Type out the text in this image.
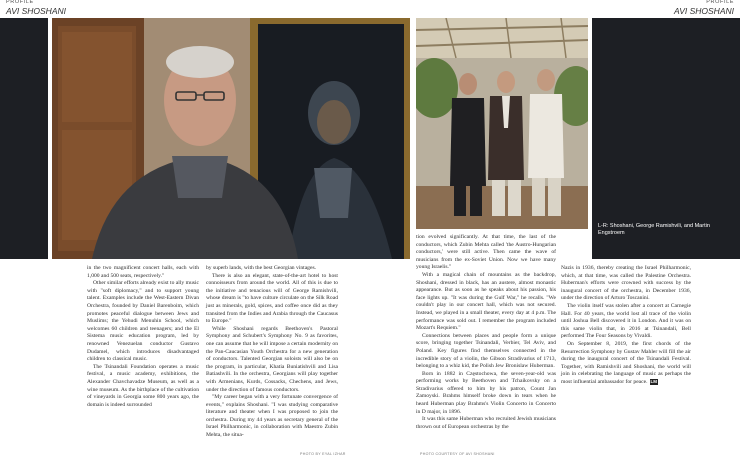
PROFILE
AVI SHOSHANI
PROFILE
AVI SHOSHANI
L-R: Shoshani, George Ramishvili, and Martin Engstroem

in the two magnificent concert halls, each with 1,000 and 500 seats, respectively."

Other similar efforts already exist to ally music with "soft diplomacy," and to support young talent. Examples include the West-Eastern Divan Orchestra, founded by Daniel Barenboim, which promotes peaceful dialogue between Jews and Muslims; the Yehudi Menuhin School, which welcomes 60 children and teenagers; and the El Sistema music education program, led by renowned Venezuelan conductor Gustavo Dudamel, which introduces disadvantaged children to classical music.

The Tsinandali Foundation operates a music festival, a music academy, exhibitions, the Alexander Chavchavadze Museum, as well as a wine museum. As the birthplace of the cultivation of vineyards in Georgia some 800 years ago, the domain is indeed surrounded

by superb lands, with the best Georgian vintages.

There is also an elegant, state-of-the-art hotel to host connoisseurs from around the world. All of this is due to the initiative and tenacious will of George Ramishvili, whose dream is "to have culture circulate on the Silk Road just as minerals, gold, spices, and coffee once did as they transited from the Indies and Arabia through the Caucasus to Europe."

While Shoshani regards Beethoven's Pastoral Symphony and Schubert's Symphony No. 9 as favorites, one can assume that he will impose a certain modernity on the Pan-Caucasian Youth Orchestra for a new generation of conductors. Talented Georgian soloists will also be on the program, in particular, Khatia Buniatishvili and Lisa Batiashvili. In the orchestra, Georgians will play together with Armenians, Kurds, Cossacks, Chechens, and Jews, under the direction of famous conductors.

"My career began with a very fortunate convergence of events," explains Shoshani. "I was studying comparative literature and theater when I was proposed to join the orchestra. During my 44 years as secretary general of the Israel Philharmonic, in collaboration with Maestro Zubin Mehta, the situa-

tion evolved significantly. At that time, the last of the conductors, which Zubin Mehta called 'the Austro-Hungarian conductors,' were still active. Then came the wave of musicians from the ex-Soviet Union. Now we have many young Israelis."

With a magical chain of mountains as the backdrop, Shoshani, dressed in black, has an austere, almost monastic appearance. But as soon as he speaks about his passion, his face lights up. "It was during the Gulf War," he recalls. "We couldn't play in our concert hall, which was not secured. Instead, we played in a small theater, every day at 4 p.m. The performance was sold out. I remember the program included Mozart's Requiem."

Connections between places and people form a unique score, bringing together Tsinandali, Verbier, Tel Aviv, and Poland. Key figures find themselves connected in the incredible story of a violin, the Gibson Stradivarius of 1713, belonging to a whiz kid, the Polish Jew Bronislaw Huberman.

Born in 1882 in Częstochowa, the seven-year-old was performing works by Beethoven and Tchaikovsky on a Stradivarius offered to him by his patron, Count Jan Zamoyski. Brahms himself broke down in tears when he heard Huberman play Brahms's Violin Concerto in Concerto in D major, in 1896.

It was this same Huberman who recruited Jewish musicians thrown out of European orchestras by the

Nazis in 1936, thereby creating the Israel Philharmonic, which, at that time, was called the Palestine Orchestra. Huberman's efforts were crowned with success by the inaugural concert of the orchestra, in December 1936, under the direction of Arturo Toscanini.

The violin itself was stolen after a concert at Carnegie Hall. For 40 years, the world lost all trace of the violin until Joshua Bell discovered it in London. And it was on this same violin that, in 2016 at Tsinandali, Bell performed The Four Seasons by Vivaldi.

On September 8, 2019, the first chords of the Resurrection Symphony by Gustav Mahler will fill the air during the inaugural concert of the Tsinandali Festival. Together, with Ramishvili and Shoshani, the world will join in celebrating the language of music as perhaps the most influential ambassador for peace. LM

PHOTO BY EYAL IZHAR	PHOTO COURTESY OF AVI SHOSHANI
